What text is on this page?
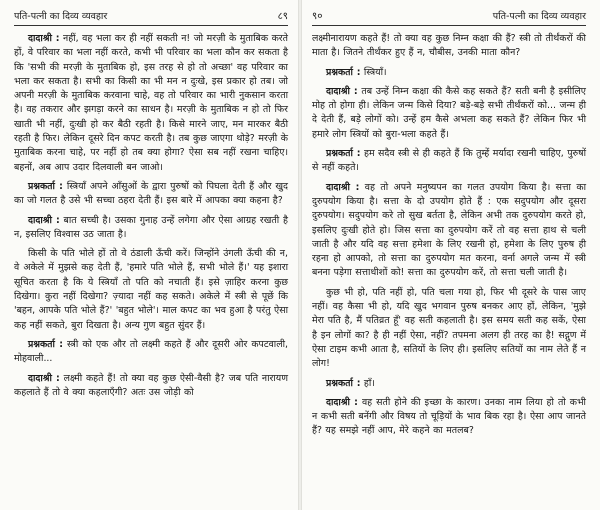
पति-पत्नी का दिव्य व्यवहार	८९

दादाश्री : नहीं, वह भला कर ही नहीं सकती न! जो मरज़ी के मुताबिक करते हों, वे परिवार का भला नहीं करते, कभी भी परिवार का भला कौन कर सकता है कि 'सभी की मरज़ी के मुताबिक हो, इस तरह से हो तो अच्छा' वह परिवार का भला कर सकता है। सभी का किसी का भी मन न दुःखे, इस प्रकार हो तब। जो अपनी मरज़ी के मुताबिक करवाना चाहे, वह तो परिवार का भारी नुकसान करता है। वह तकरार और झगड़ा करने का साधन है। मरज़ी के मुताबिक न हो तो फिर खाती भी नहीं, दुःखी हो कर बैठी रहती है। किसे मारने जाए, मन मारकर बैठी रहती है फिर। लेकिन दूसरे दिन कपट करती है। तब कुछ जाएगा थोड़े? मरज़ी के मुताबिक करना चाहे, पर नहीं हो तब क्या होगा? ऐसा सब नहीं रखना चाहिए। बहनों, अब आप उदार दिलवाली बन जाओ।

प्रश्नकर्ता : स्त्रियाँ अपने आँसुओं के द्वारा पुरुषों को पिघला देती हैं और खुद का जो गलत है उसे भी सच्चा ठहरा देती हैं। इस बारे में आपका क्या कहना है?

दादाश्री : बात सच्ची है। उसका गुनाह उन्हें लगेगा और ऐसा आग्रह रखती है न, इसलिए विश्वास उठ जाता है।

किसी के पति भोले हों तो वे ठंडाली ऊँची करें। जिन्होंने उंगली ऊँची की न, वे अकेले में मुझसे कह देती हैं, 'हमारे पति भोले हैं, सभी भोले हैं।' यह इशारा सूचित करता है कि ये स्त्रियाँ तो पति को नचाती हैं। इसे ज़ाहिर करना कुछ दिखेगा। कुरा नहीं दिखेगा? ज़्यादा नहीं कह सकते। अकेले में स्त्री से पूछें कि 'बहन, आपके पति भोले हैं?' 'बहुत भोले'। माल कपट का भव हुआ है परंतु ऐसा कह नहीं सकते, बुरा दिखता है। अन्य गुण बहुत सुंदर हैं।

प्रश्नकर्ता : स्त्री को एक और तो लक्ष्मी कहते हैं और दूसरी ओर कपटवाली, मोहवाली...

दादाश्री : लक्ष्मी कहते हैं! तो क्या वह कुछ ऐसी-वैसी है? जब पति नारायण कहलाते हैं तो वे क्या कहलाएँगी? अतः उस जोड़ी को

९०	पति-पत्नी का दिव्य व्यवहार

लक्ष्मीनारायण कहते हैं! तो क्या वह कुछ निम्न कक्षा की हैं? स्त्री तो तीर्थंकरों की माता है। जितने तीर्थंकर हुए हैं न, चौबीस, उनकी माता कौन?

प्रश्नकर्ता : स्त्रियाँ।

दादाश्री : तब उन्हें निम्न कक्षा की कैसे कह सकते हैं? सती बनी है इसीलिए मोह तो होगा ही। लेकिन जन्म किसे दिया? बड़े-बड़े सभी तीर्थंकरों को... जन्म ही दे देती हैं, बड़े लोगों को। उन्हें हम कैसे अभला कह सकते हैं? लेकिन फिर भी हमारे लोग स्त्रियों को बुरा-भला कहते हैं।

प्रश्नकर्ता : हम सदैव स्त्री से ही कहते हैं कि तुम्हें मर्यादा रखनी चाहिए, पुरुषों से नहीं कहते।

दादाश्री : वह तो अपने मनुष्यपन का गलत उपयोग किया है। सत्ता का दुरुपयोग किया है। सत्ता के दो उपयोग होते हैं : एक सदुपयोग और दूसरा दुरुपयोग। सदुपयोग करे तो सुख बर्तता है, लेकिन अभी तक दुरुपयोग करते हो, इसलिए दुःखी होते हो। जिस सत्ता का दुरुपयोग करें तो वह सत्ता हाथ से चली जाती है और यदि वह सत्ता हमेशा के लिए रखनी हो, हमेशा के लिए पुरुष ही रहना हो आपको, तो सत्ता का दुरुपयोग मत करना, वर्ना अगले जन्म में स्त्री बनना पड़ेगा सत्ताधीशों को! सत्ता का दुरुपयोग करें, तो सत्ता चली जाती है।

कुछ भी हो, पति नहीं हो, पति चला गया हो, फिर भी दूसरे के पास जाए नहीं। वह कैसा भी हो, यदि खुद भगवान पुरुष बनकर आए हों, लेकिन, 'मुझे मेरा पति है, मैं पतिव्रत हूँ' वह सती कहलाती है। इस समय सती कह सकें, ऐसा है इन लोगों का? है ही नहीं ऐसा, नहीं? तपमना अलग ही तरह का है! सद्गुण में ऐसा टाइम कभी आता है, सतियों के लिए ही। इसलिए सतियों का नाम लेते हैं न लोग!

प्रश्नकर्ता : हाँ।

दादाश्री : वह सती होने की इच्छा के कारण। उनका नाम लिया हो तो कभी न कभी सती बनेंगी और विषय तो चूड़ियों के भाव बिक रहा है। ऐसा आप जानते हैं? यह समझे नहीं आप, मेरे कहने का मतलब?
